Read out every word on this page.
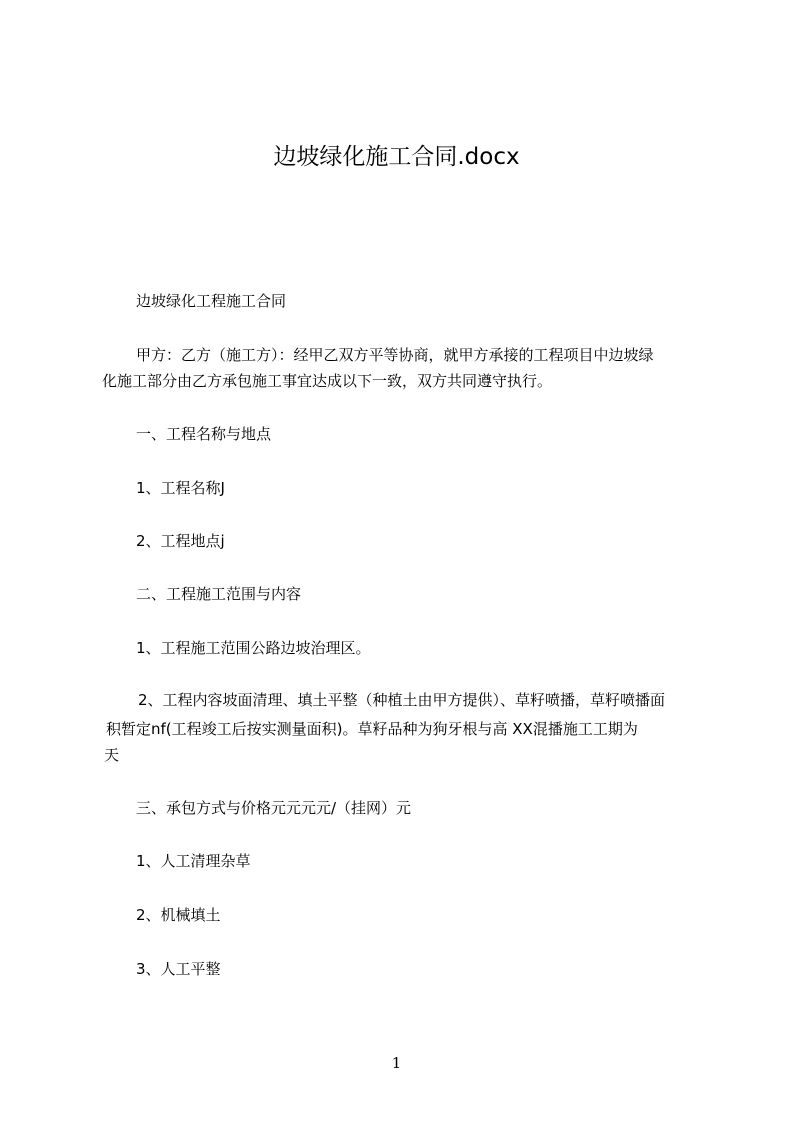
边坡绿化施工合同.docx

边坡绿化工程施工合同

甲方：乙方（施工方）：经甲乙双方平等协商，就甲方承接的工程项目中边坡绿

化施工部分由乙方承包施工事宜达成以下一致，双方共同遵守执行。

一、工程名称与地点

1、工程名称J

2、工程地点j

二、工程施工范围与内容

1、工程施工范围公路边坡治理区。

2、工程内容坡面清理、填土平整（种植土由甲方提供）、草籽喷播，草籽喷播面

积暂定nf(工程竣工后按实测量面积)。草籽品种为狗牙根与高 XX混播施工工期为

天

三、承包方式与价格元元元元/（挂网）元

1、人工清理杂草

2、机械填土

3、人工平整

1
